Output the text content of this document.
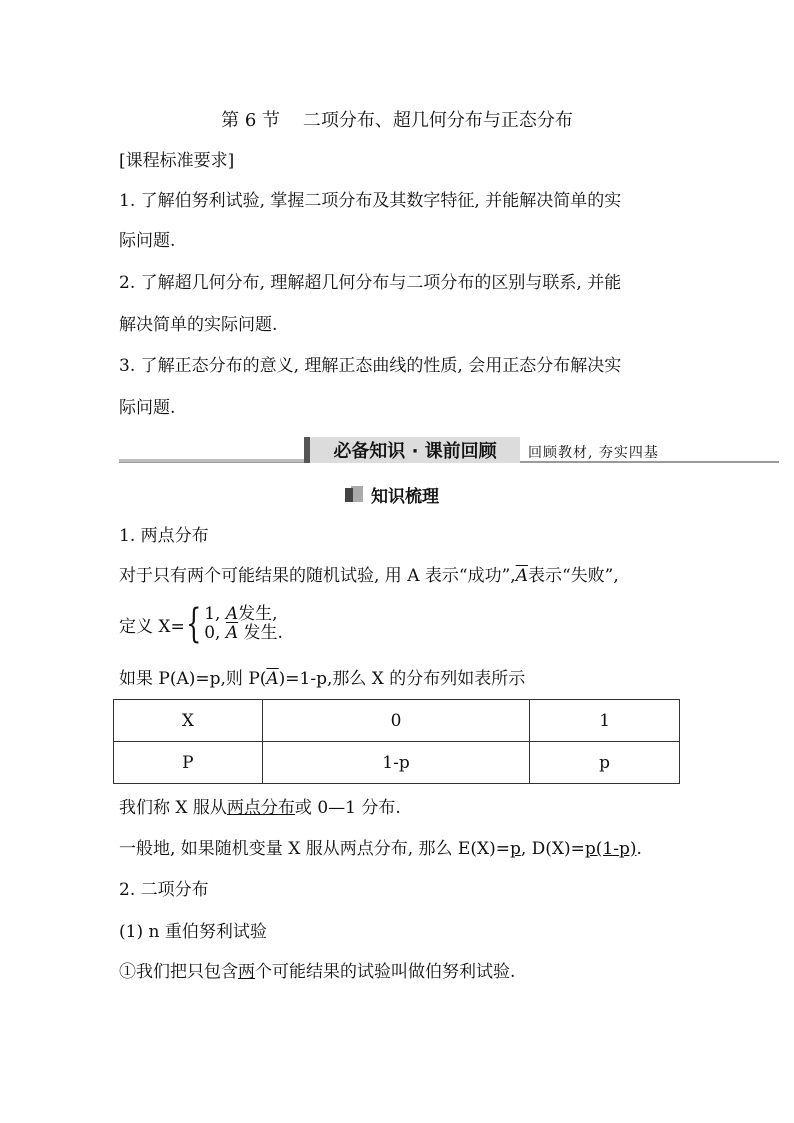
第 6 节    二项分布、超几何分布与正态分布
[课程标准要求]
1. 了解伯努利试验, 掌握二项分布及其数字特征, 并能解决简单的实
际问题.
2. 了解超几何分布, 理解超几何分布与二项分布的区别与联系, 并能
解决简单的实际问题.
3. 了解正态分布的意义, 理解正态曲线的性质, 会用正态分布解决实
际问题.
必备知识 · 课前回顾	回顾教材, 夯实四基
知识梳理
1. 两点分布
对于只有两个可能结果的随机试验, 用 A 表示“成功$”,\overline{A}$表示“失败”,
定义 X= { 1, A发生,
0, $\overline{A}$ 发生.
如果 P(A)=p,则 $P(\overline{A})=1-p$,那么 X 的分布列如表所示
X	0	1
P	1-p	p
我们称 X 服从两点分布或 0—1 分布.
一般地, 如果随机变量 X 服从两点分布, 那么 E(X)=p, D(X)=p(1-p).
2. 二项分布
(1) n 重伯努利试验
①我们把只包含两个可能结果的试验叫做伯努利试验.
